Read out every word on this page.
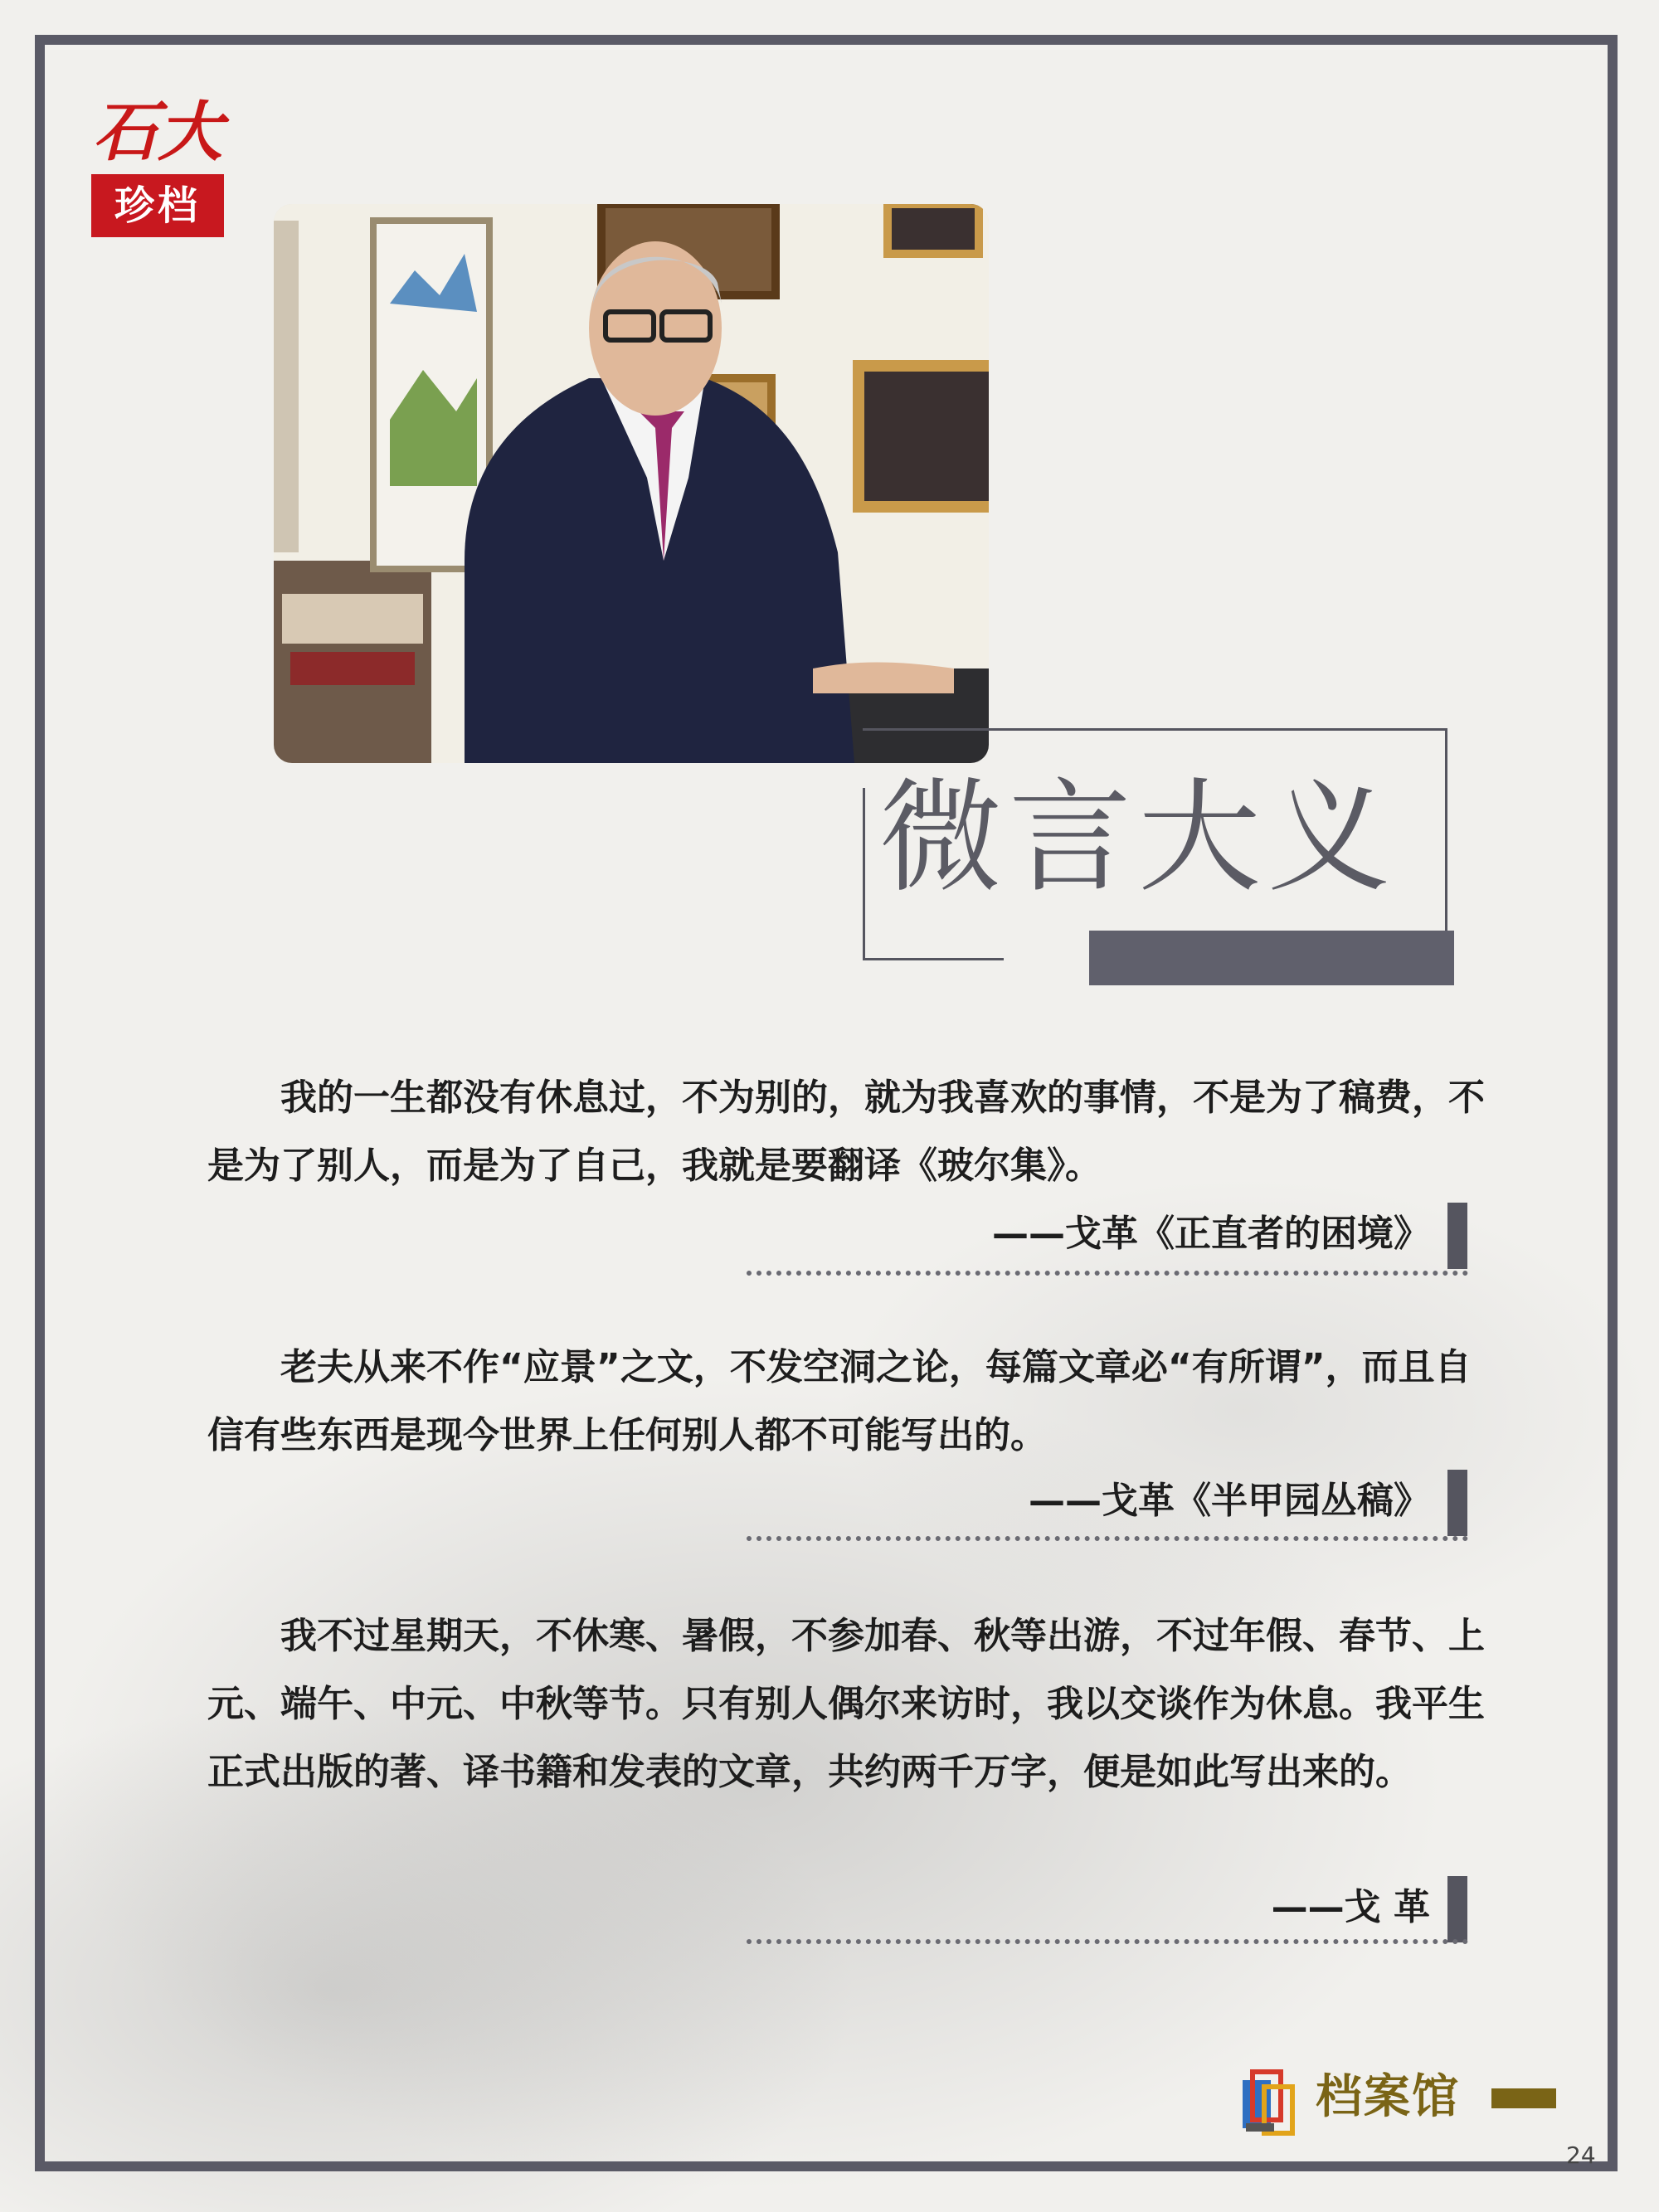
石大
珍档
微言大义

我的一生都没有休息过，不为别的，就为我喜欢的事情，不是为了稿费，不是为了别人，而是为了自己，我就是要翻译《玻尔集》。

——戈革《正直者的困境》

老夫从来不作“应景”之文，不发空洞之论，每篇文章必“有所谓”，而且自信有些东西是现今世界上任何别人都不可能写出的。

——戈革《半甲园丛稿》

我不过星期天，不休寒、暑假，不参加春、秋等出游，不过年假、春节、上元、端午、中元、中秋等节。只有别人偶尔来访时，我以交谈作为休息。我平生正式出版的著、译书籍和发表的文章，共约两千万字，便是如此写出来的。

——戈 革
档案馆
24
